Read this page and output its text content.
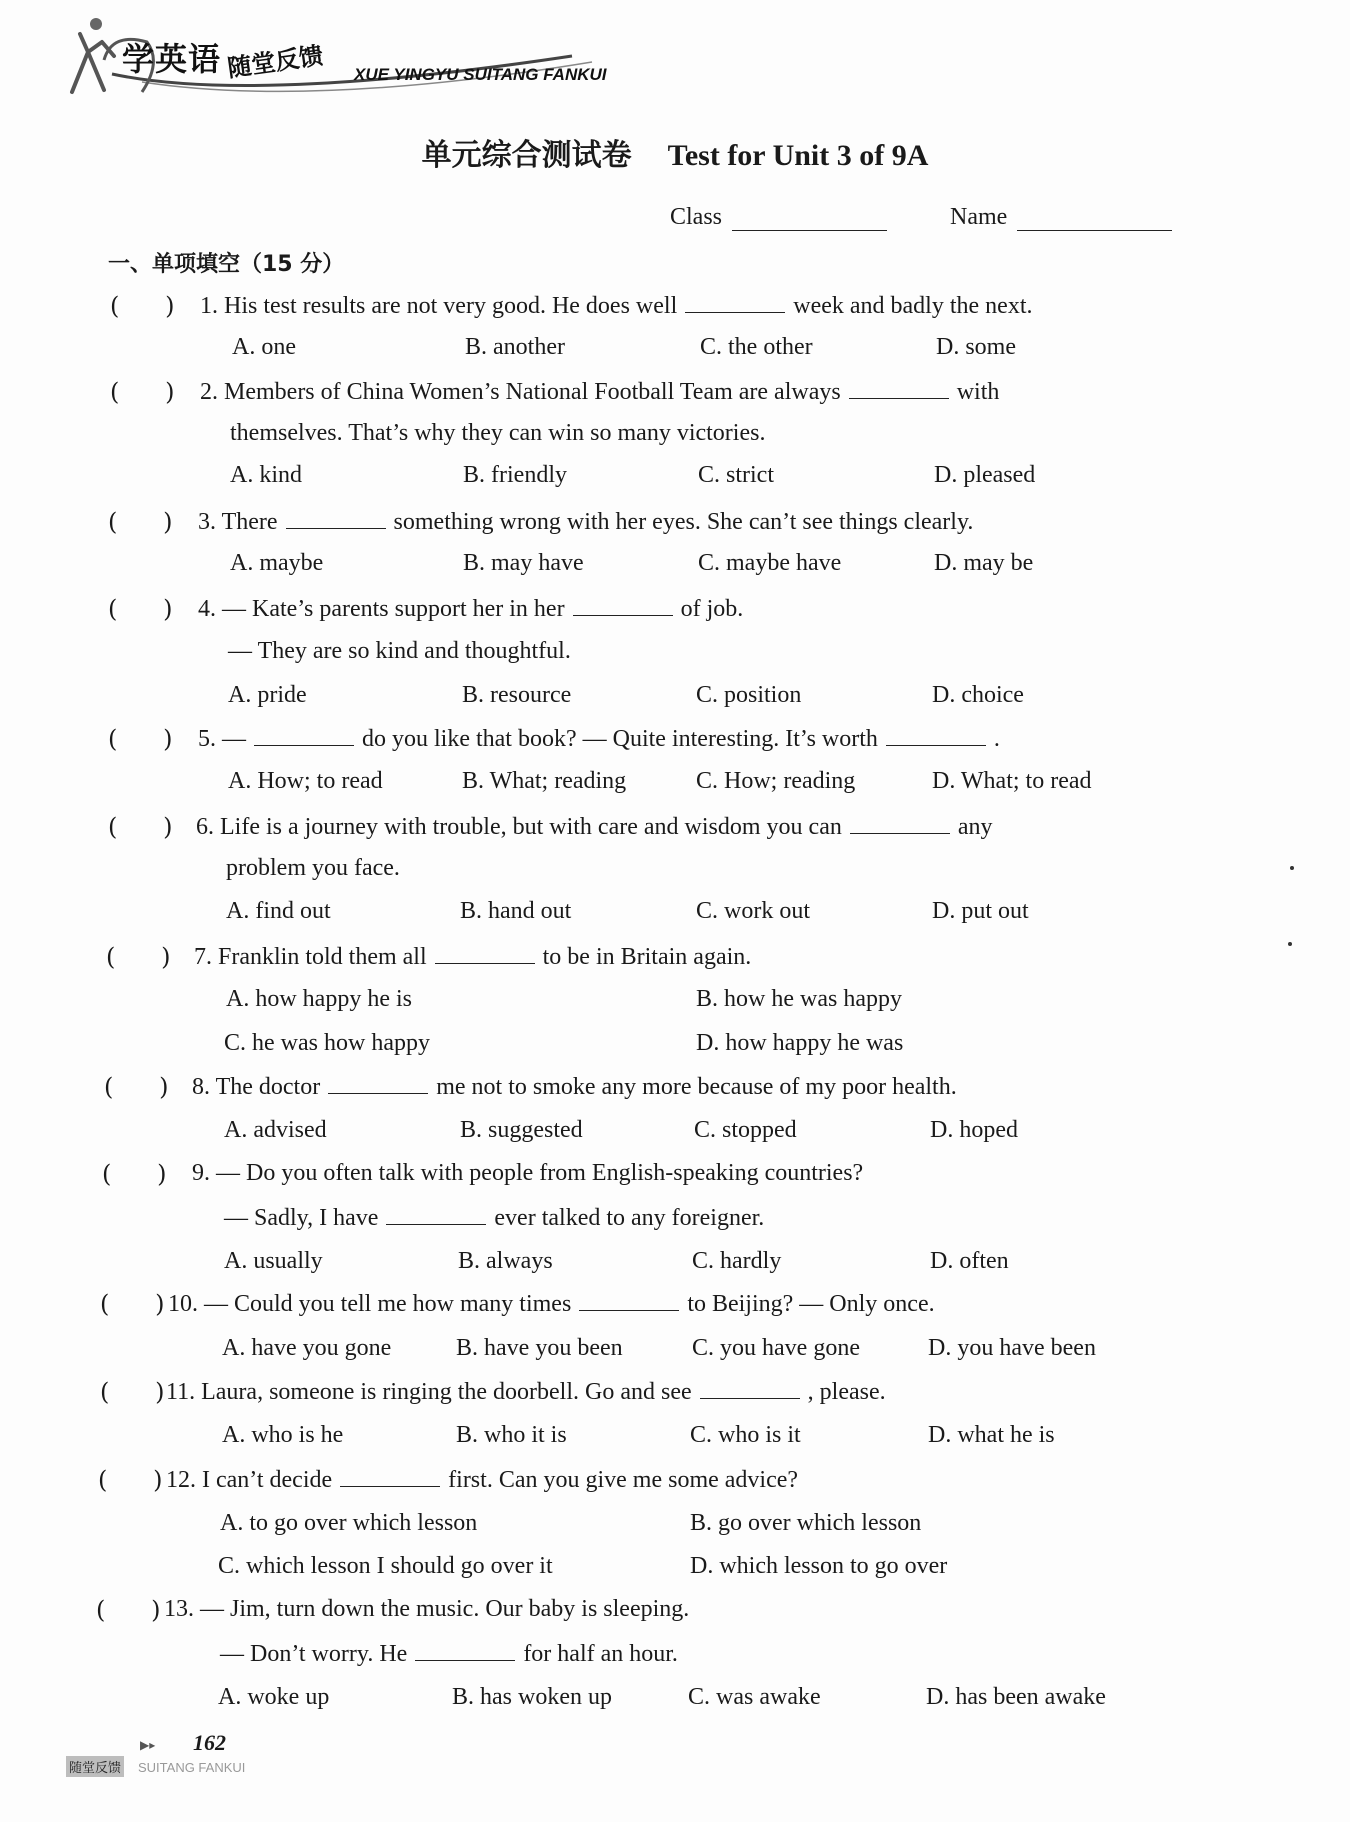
学英语 随堂反馈 XUE YINGYU SUITANG FANKUI
单元综合测试卷 Test for Unit 3 of 9A
Class	Name
一、单项填空（15 分）
(      ) 1. His test results are not very good. He does well	week and badly the next.
A. one	B. another	C. the other	D. some
(      ) 2. Members of China Women’s National Football Team are always	with
themselves. That’s why they can win so many victories.
A. kind	B. friendly	C. strict	D. pleased
(      ) 3. There	something wrong with her eyes. She can’t see things clearly.
A. maybe	B. may have	C. maybe have	D. may be
(      ) 4. — Kate’s parents support her in her	of job.
— They are so kind and thoughtful.
A. pride	B. resource	C. position	D. choice
(      ) 5. —	do you like that book? — Quite interesting. It’s worth	.
A. How; to read	B. What; reading	C. How; reading	D. What; to read
(      ) 6. Life is a journey with trouble, but with care and wisdom you can	any
problem you face.
A. find out	B. hand out	C. work out	D. put out
(      ) 7. Franklin told them all	to be in Britain again.
A. how happy he is	B. how he was happy
C. he was how happy	D. how happy he was
(      ) 8. The doctor	me not to smoke any more because of my poor health.
A. advised	B. suggested	C. stopped	D. hoped
(      ) 9. — Do you often talk with people from English-speaking countries?
— Sadly, I have	ever talked to any foreigner.
A. usually	B. always	C. hardly	D. often
(      ) 10. — Could you tell me how many times	to Beijing? — Only once.
A. have you gone	B. have you been	C. you have gone	D. you have been
(      ) 11. Laura, someone is ringing the doorbell. Go and see	, please.
A. who is he	B. who it is	C. who is it	D. what he is
(      ) 12. I can’t decide	first. Can you give me some advice?
A. to go over which lesson	B. go over which lesson
C. which lesson I should go over it	D. which lesson to go over
(      ) 13. — Jim, turn down the music. Our baby is sleeping.
— Don’t worry. He	for half an hour.
A. woke up	B. has woken up	C. was awake	D. has been awake
▶▸ 162
随堂反馈 SUITANG FANKUI
